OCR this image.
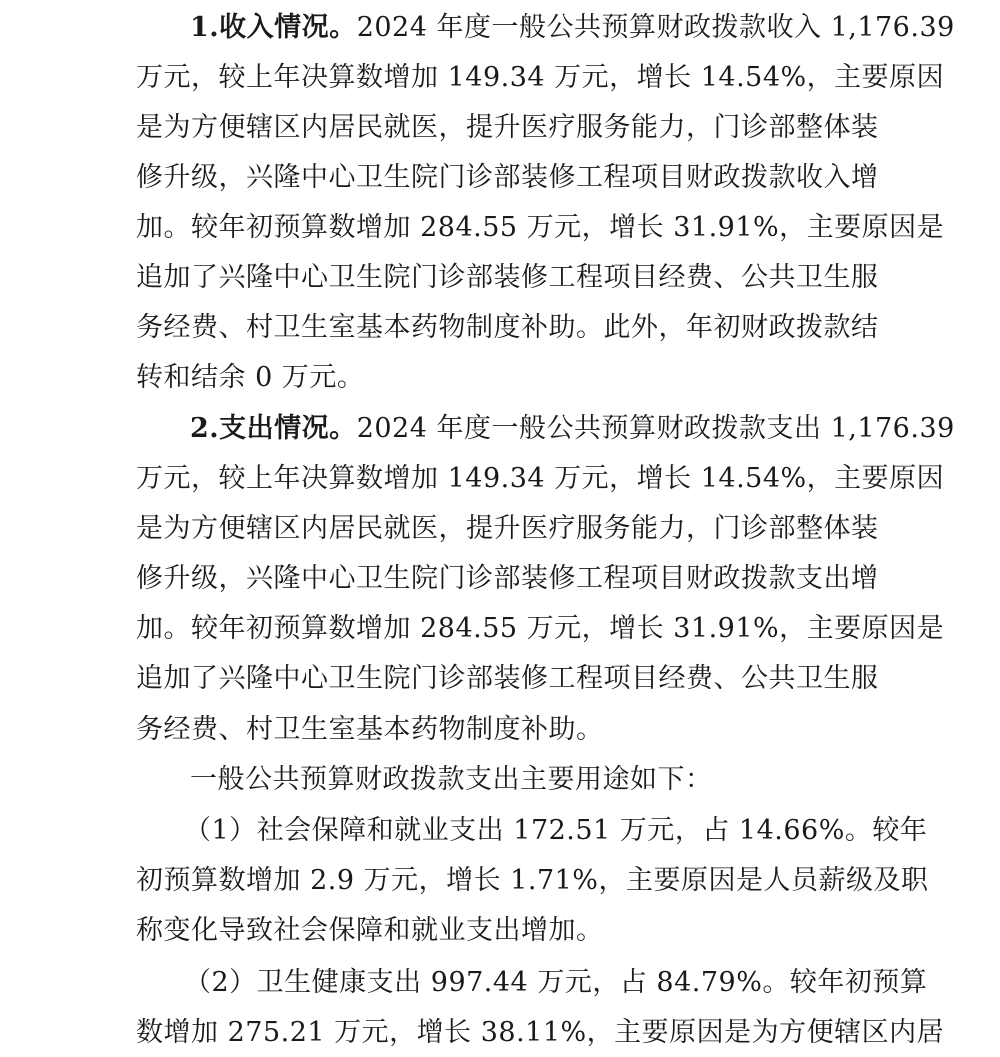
1.收入情况。2024 年度一般公共预算财政拨款收入 1,176.39
万元，较上年决算数增加 149.34 万元，增长 14.54%，主要原因
是为方便辖区内居民就医，提升医疗服务能力，门诊部整体装
修升级，兴隆中心卫生院门诊部装修工程项目财政拨款收入增
加。较年初预算数增加 284.55 万元，增长 31.91%，主要原因是
追加了兴隆中心卫生院门诊部装修工程项目经费、公共卫生服
务经费、村卫生室基本药物制度补助。此外，年初财政拨款结
转和结余 0 万元。
2.支出情况。2024 年度一般公共预算财政拨款支出 1,176.39
万元，较上年决算数增加 149.34 万元，增长 14.54%，主要原因
是为方便辖区内居民就医，提升医疗服务能力，门诊部整体装
修升级，兴隆中心卫生院门诊部装修工程项目财政拨款支出增
加。较年初预算数增加 284.55 万元，增长 31.91%，主要原因是
追加了兴隆中心卫生院门诊部装修工程项目经费、公共卫生服
务经费、村卫生室基本药物制度补助。
一般公共预算财政拨款支出主要用途如下：
（1）社会保障和就业支出 172.51 万元，占 14.66%。较年
初预算数增加 2.9 万元，增长 1.71%，主要原因是人员薪级及职
称变化导致社会保障和就业支出增加。
（2）卫生健康支出 997.44 万元，占 84.79%。较年初预算
数增加 275.21 万元，增长 38.11%，主要原因是为方便辖区内居
